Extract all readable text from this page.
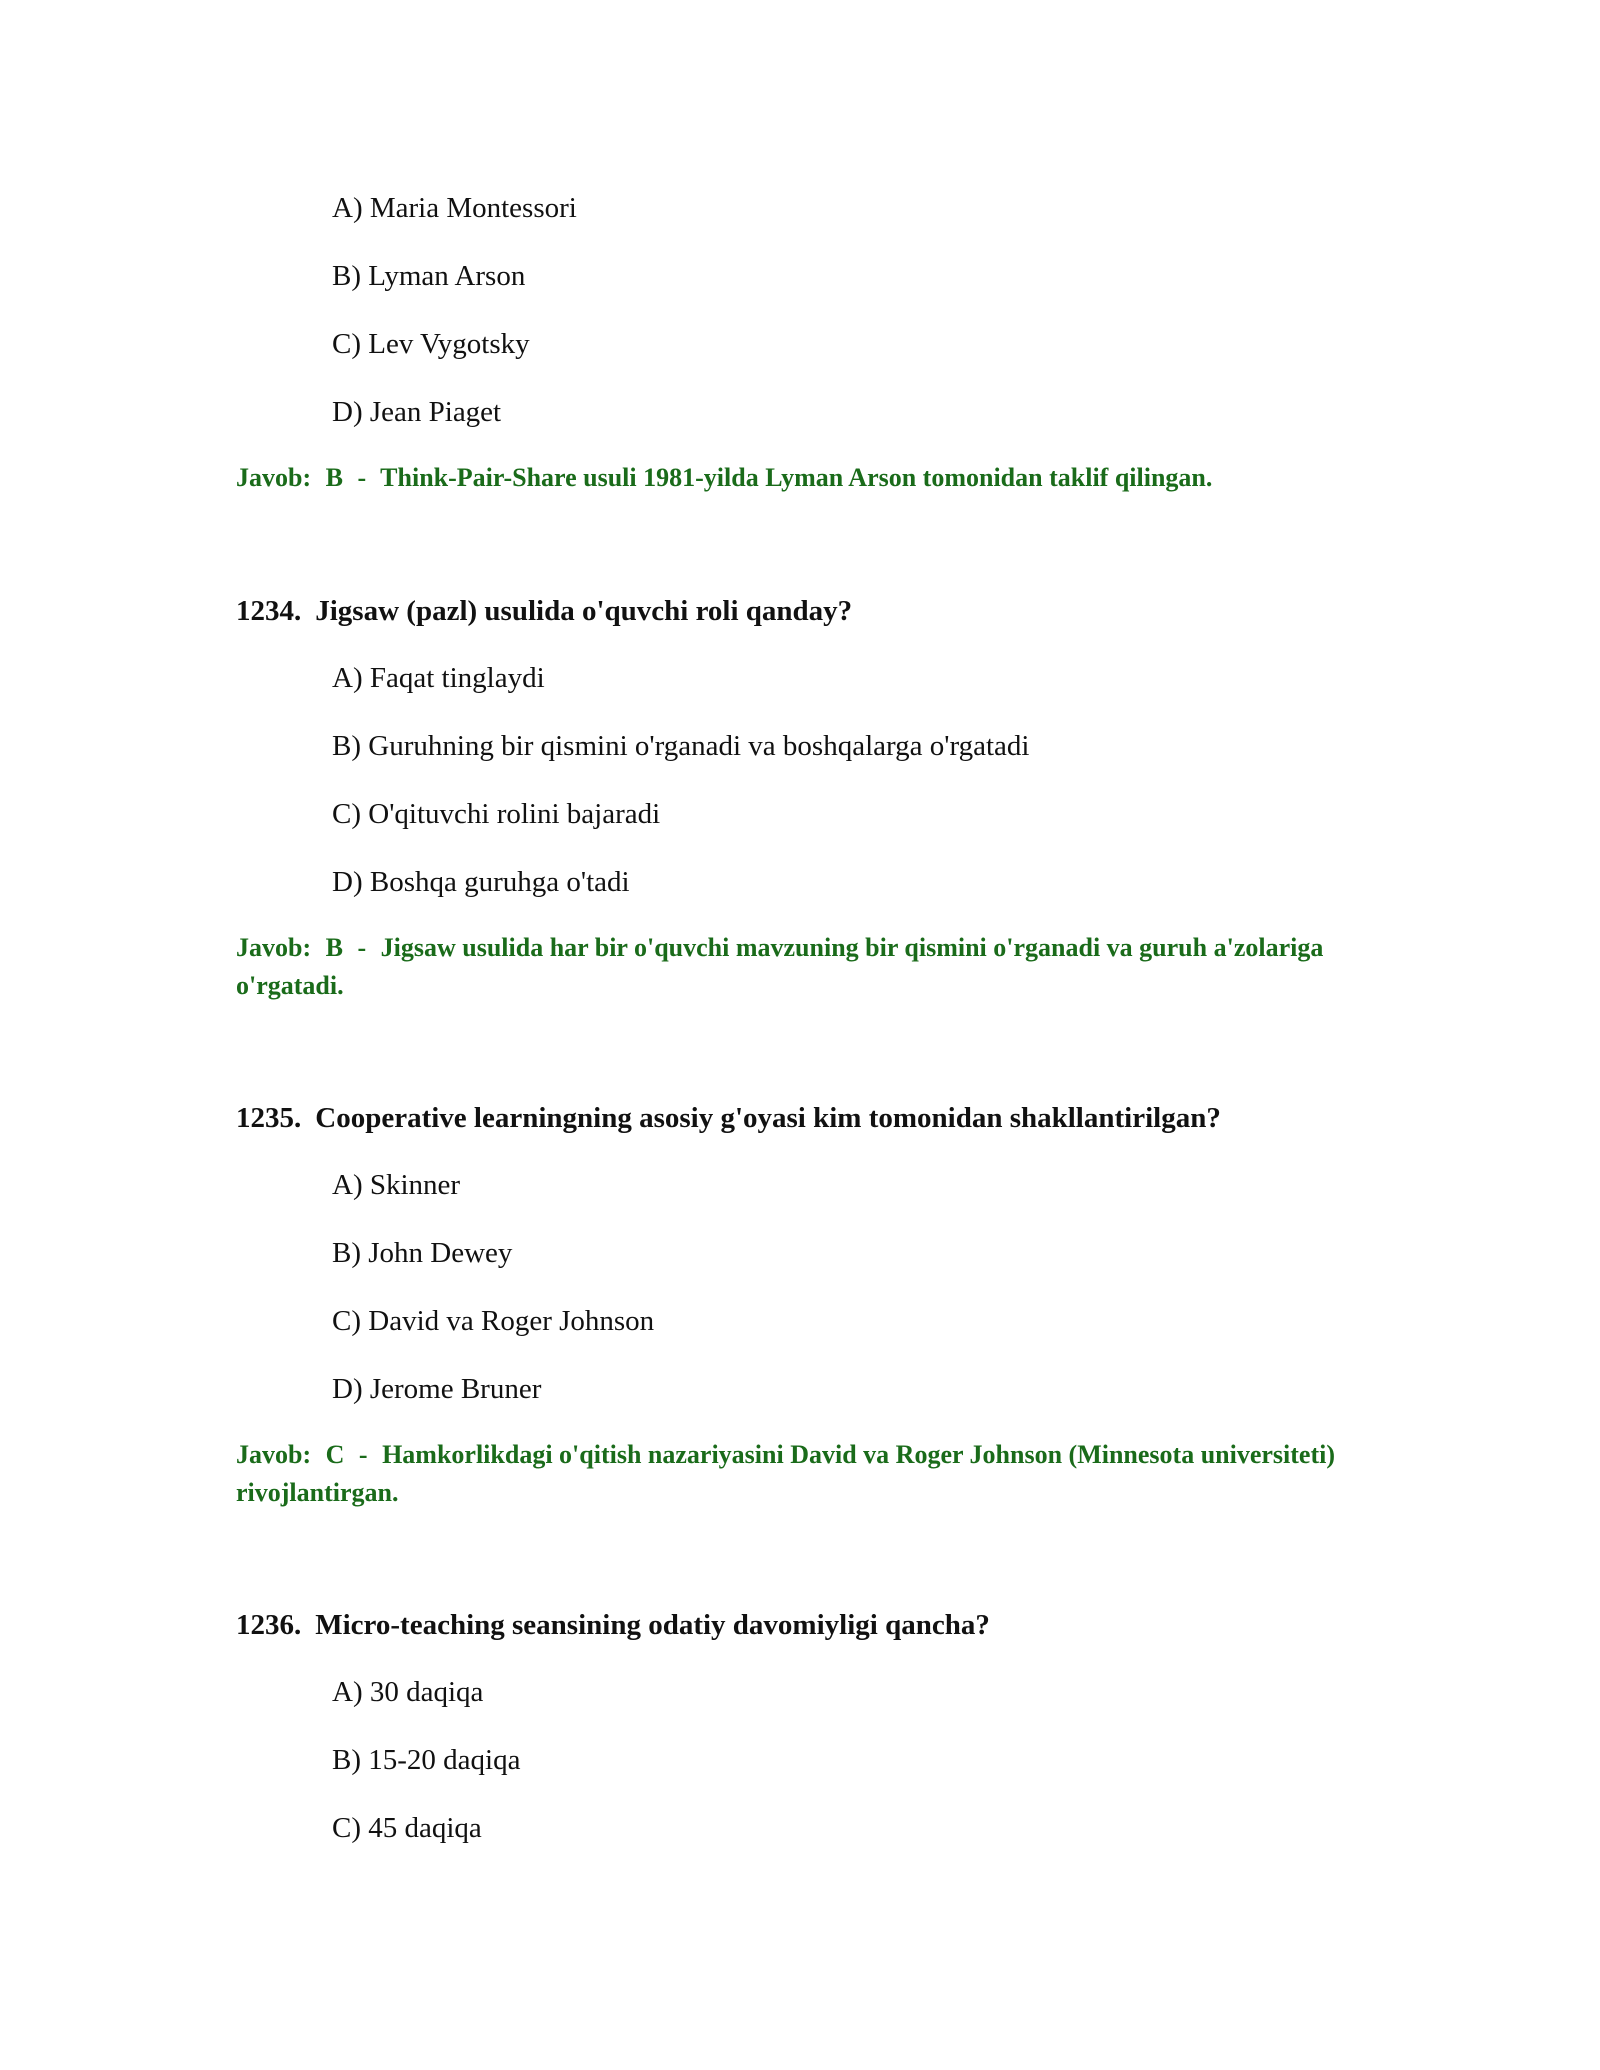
A) Maria Montessori
B) Lyman Arson
C) Lev Vygotsky
D) Jean Piaget
Javob: B - Think-Pair-Share usuli 1981-yilda Lyman Arson tomonidan taklif qilingan.
1234. Jigsaw (pazl) usulida o'quvchi roli qanday?
A) Faqat tinglaydi
B) Guruhning bir qismini o'rganadi va boshqalarga o'rgatadi
C) O'qituvchi rolini bajaradi
D) Boshqa guruhga o'tadi
Javob: B - Jigsaw usulida har bir o'quvchi mavzuning bir qismini o'rganadi va guruh a'zolariga o'rgatadi.
1235. Cooperative learningning asosiy g'oyasi kim tomonidan shakllantirilgan?
A) Skinner
B) John Dewey
C) David va Roger Johnson
D) Jerome Bruner
Javob: C - Hamkorlikdagi o'qitish nazariyasini David va Roger Johnson (Minnesota universiteti) rivojlantirgan.
1236. Micro-teaching seansining odatiy davomiyligi qancha?
A) 30 daqiqa
B) 15-20 daqiqa
C) 45 daqiqa
